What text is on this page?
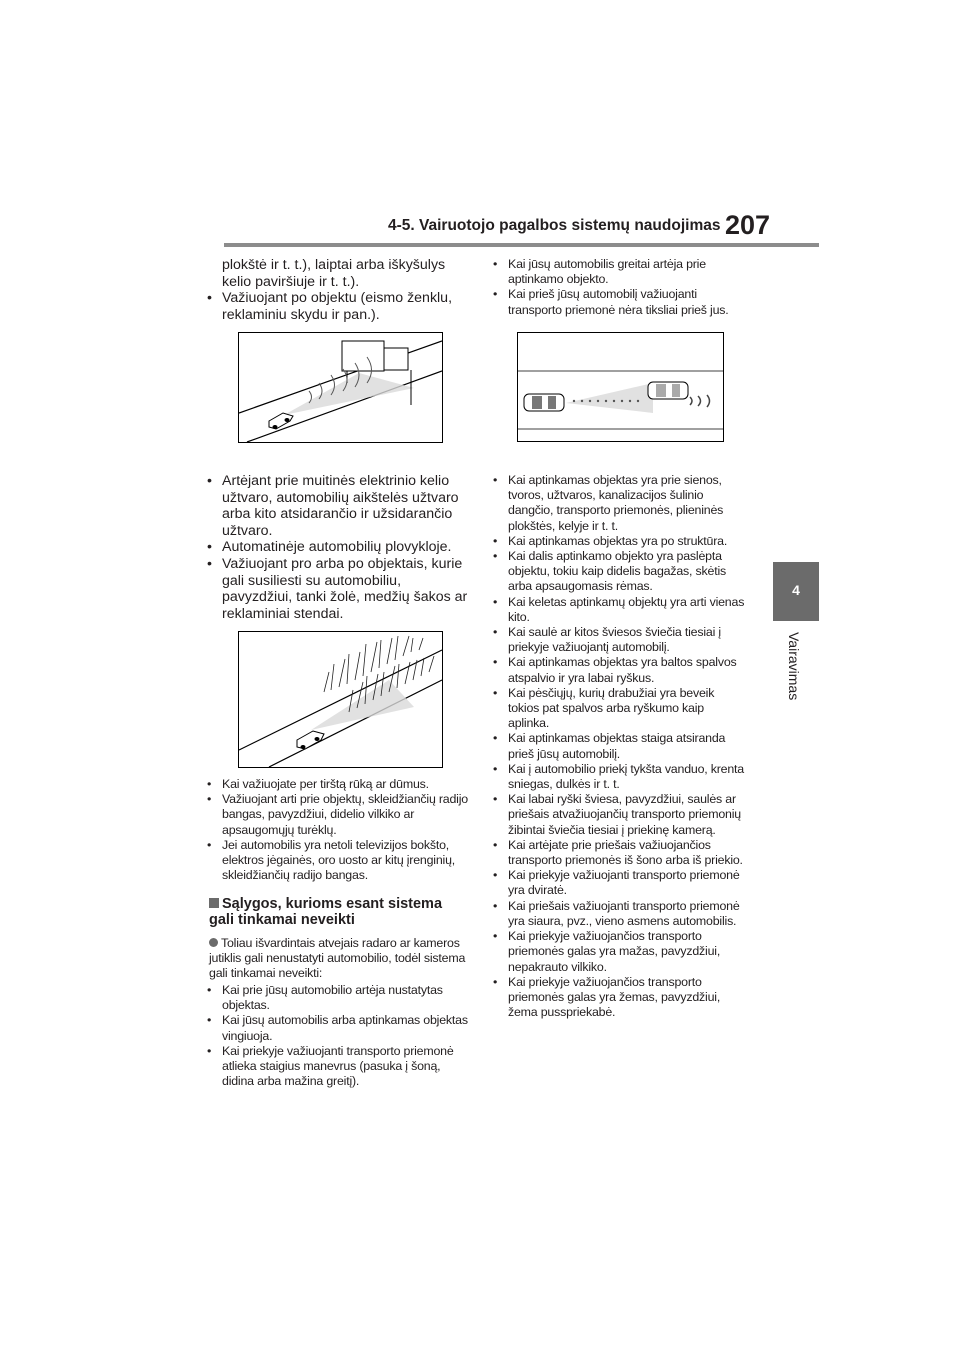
4-5. Vairuotojo pagalbos sistemų naudojimas 207
4
Vairavimas
plokštė ir t. t.), laiptai arba iškyšulys
kelio paviršiuje ir t. t.).
• Važiuojant po objektu (eismo ženklu, reklaminiu skydu ir pan.).
• Artėjant prie muitinės elektrinio kelio užtvaro, automobilių aikštelės užtvaro arba kito atsidarančio ir užsidarančio užtvaro.
• Automatinėje automobilių plovykloje.
• Važiuojant pro arba po objektais, kurie gali susiliesti su automobiliu, pavyzdžiui, tanki žolė, medžių šakos ar reklaminiai stendai.
• Kai važiuojate per tirštą rūką ar dūmus.
• Važiuojant arti prie objektų, skleidžiančių radijo bangas, pavyzdžiui, didelio vilkiko ar apsaugomųjų turėklų.
• Jei automobilis yra netoli televizijos bokšto, elektros jėgainės, oro uosto ar kitų įrenginių, skleidžiančių radijo bangas.
Sąlygos, kurioms esant sistema gali tinkamai neveikti
Toliau išvardintais atvejais radaro ar kameros jutiklis gali nenustatyti automobilio, todėl sistema gali tinkamai neveikti:
• Kai prie jūsų automobilio artėja nustatytas objektas.
• Kai jūsų automobilis arba aptinkamas objektas vingiuoja.
• Kai priekyje važiuojanti transporto priemonė atlieka staigius manevrus (pasuka į šoną, didina arba mažina greitį).
• Kai jūsų automobilis greitai artėja prie aptinkamo objekto.
• Kai prieš jūsų automobilį važiuojanti transporto priemonė nėra tiksliai prieš jus.
• Kai aptinkamas objektas yra prie sienos, tvoros, užtvaros, kanalizacijos šulinio dangčio, transporto priemonės, plieninės plokštės, kelyje ir t. t.
• Kai aptinkamas objektas yra po struktūra.
• Kai dalis aptinkamo objekto yra paslėpta objektu, tokiu kaip didelis bagažas, skėtis arba apsaugomasis rėmas.
• Kai keletas aptinkamų objektų yra arti vienas kito.
• Kai saulė ar kitos šviesos šviečia tiesiai į priekyje važiuojantį automobilį.
• Kai aptinkamas objektas yra baltos spalvos atspalvio ir yra labai ryškus.
• Kai pėsčiųjų, kurių drabužiai yra beveik tokios pat spalvos arba ryškumo kaip aplinka.
• Kai aptinkamas objektas staiga atsiranda prieš jūsų automobilį.
• Kai į automobilio priekį tykšta vanduo, krenta sniegas, dulkės ir t. t.
• Kai labai ryški šviesa, pavyzdžiui, saulės ar priešais atvažiuojančių transporto priemonių žibintai šviečia tiesiai į priekinę kamerą.
• Kai artėjate prie priešais važiuojančios transporto priemonės iš šono arba iš priekio.
• Kai priekyje važiuojanti transporto priemonė yra dviratė.
• Kai priešais važiuojanti transporto priemonė yra siaura, pvz., vieno asmens automobilis.
• Kai priekyje važiuojančios transporto priemonės galas yra mažas, pavyzdžiui, nepakrauto vilkiko.
• Kai priekyje važiuojančios transporto priemonės galas yra žemas, pavyzdžiui, žema pusspriekabė.
